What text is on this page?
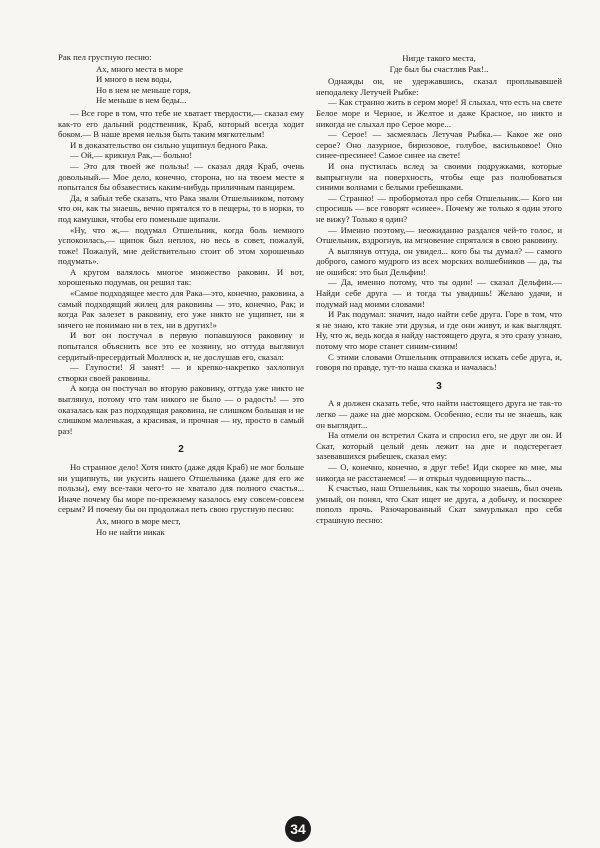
Рак пел грустную песню:

Ах, много места в море
И много в нем воды,
Но в нем не меньше горя,
Не меньше в нем беды...

— Все горе в том, что тебе не хватает твердости,— сказал ему как-то его дальний родственник, Краб, который всегда ходит боком.— В наше время нельзя быть таким мягкотелым!

И в доказательство он сильно ущипнул бедного Рака.

— Ой,— крикнул Рак,— больно!

— Это для твоей же пользы! — сказал дядя Краб, очень довольный.— Мое дело, конечно, сторона, но на твоем месте я попытался бы обзавестись каким-нибудь приличным панцирем.

Да, я забыл тебе сказать, что Рака звали Отшельником, потому что он, как ты знаешь, вечно прятался то в пещеры, то в норки, то под камушки, чтобы его поменьше щипали.

«Ну, что ж,— подумал Отшельник, когда боль немного успокоилась,— щипок был неплох, но весь в совет, пожалуй, тоже! Пожалуй, мне действительно стоит об этом хорошенько подумать».

А кругом валялось многое множество раковин. И вот, хорошенько подумав, он решил так:

«Самое подходящее место для Рака—это, конечно, раковина, а самый подходящий жилец для раковины — это, конечно, Рак; и когда Рак залезет в раковину, его уже никто не ущипнет, ни я ничего не понимаю ни в тех, ни в других!»

И вот он постучал в первую попавшуюся раковину и попытался объяснить все это ее хозяину, но оттуда выглянул сердитый-пресердитый Моллюск и, не дослушав его, сказал:

— Глупости! Я занят! — и крепко-накрепко захлопнул створки своей раковины.

А когда он постучал во вторую раковину, оттуда уже никто не выглянул, потому что там никого не было — о радость! — это оказалась как раз подходящая раковина, не слишком большая и не слишком маленькая, а красивая, и прочная — ну, просто в самый раз!

2

Но странное дело! Хотя никто (даже дядя Краб) не мог больше ни ущипнуть, ни укусить нашего Отшельника (даже для его же пользы), ему все-таки чего-то не хватало для полного счастья... Иначе почему бы море по-прежнему казалось ему совсем-совсем серым? И почему бы он продолжал петь свою грустную песню:

Ах, много в море мест,
Но не найти никак
Нигде такого места,
Где был бы счастлив Рак!..

Однажды он, не удержавшись, сказал проплывавшей неподалеку Летучей Рыбке:

— Как странно жить в сером море! Я слыхал, что есть на свете Белое море и Черное, и Желтое и даже Красное, но никто и никогда не слыхал про Серое море...

— Серое! — засмеялась Летучая Рыбка.— Какое же оно серое? Оно лазурное, бирюзовое, голубое, васильковое! Оно синее-пресинее! Самое синее на свете!

И она пустилась вслед за своими подружками, которые выпрыгнули на поверхность, чтобы еще раз полюбоваться синими волнами с белыми гребешками.

— Странно! — пробормотал про себя Отшельник.— Кого ни спросишь — все говорят «синее». Почему же только я один этого не вижу? Только я один?

— Именно поэтому,— неожиданно раздался чей-то голос, и Отшельник, вздрогнув, на мгновение спрятался в свою раковину.

А выглянув оттуда, он увидел... кого бы ты думал? — самого доброго, самого мудрого из всех морских волшебников — да, ты не ошибся: это был Дельфин!

— Да, именно потому, что ты один! — сказал Дельфин.— Найди себе друга — и тогда ты увидишь! Желаю удачи, и подумай над моими словами!

И Рак подумал: значит, надо найти себе друга. Горе в том, что я не знаю, кто такие эти друзья, и где они живут, и как выглядят. Ну, что ж, ведь когда я найду настоящего друга, я это сразу узнаю, потому что море станет синим-синим!

С этими словами Отшельник отправился искать себе друга, и, говоря по правде, тут-то наша сказка и началась!

3

А я должен сказать тебе, что найти настоящего друга не так-то легко — даже на дне морском. Особенно, если ты не знаешь, как он выглядит...

На отмели он встретил Ската и спросил его, не друг ли он. И Скат, который целый день лежит на дне и подстерегает зазевавшихся рыбешек, сказал ему:

— О, конечно, конечно, я друг тебе! Иди скорее ко мне, мы никогда не расстанемся! — и открыл чудовищную пасть...

К счастью, наш Отшельник, как ты хорошо знаешь, был очень умный, он понял, что Скат ищет не друга, а добычу, и поскорее пополз прочь. Разочарованный Скат замурлыкал про себя страшную песню:

34
